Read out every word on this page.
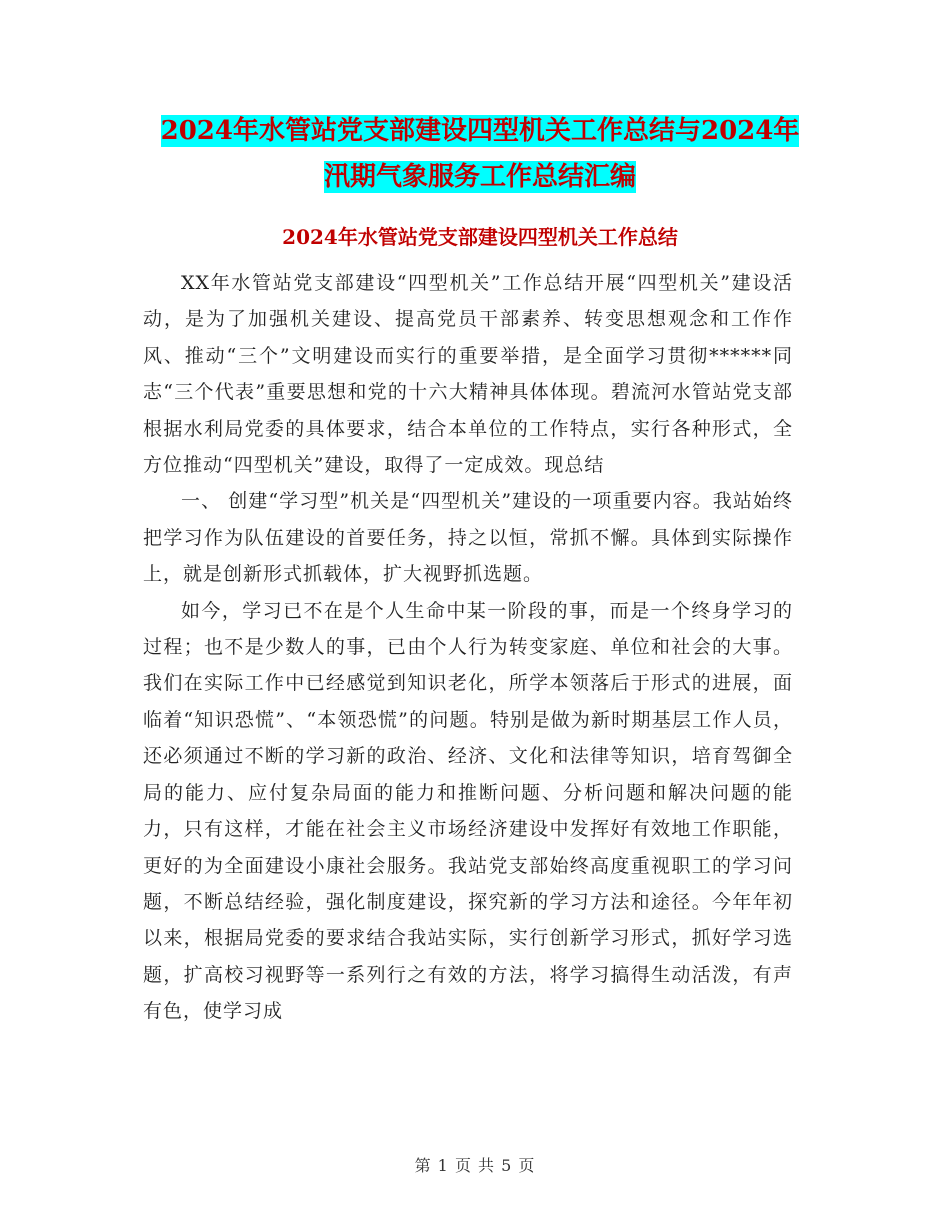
2024年水管站党支部建设四型机关工作总结与2024年
汛期气象服务工作总结汇编
2024年水管站党支部建设四型机关工作总结

XX年水管站党支部建设“四型机关”工作总结开展“四型机关”建设活动，是为了加强机关建设、提高党员干部素养、转变思想观念和工作作风、推动“三个”文明建设而实行的重要举措，是全面学习贯彻******同志“三个代表”重要思想和党的十六大精神具体体现。碧流河水管站党支部根据水利局党委的具体要求，结合本单位的工作特点，实行各种形式，全方位推动“四型机关”建设，取得了一定成效。现总结

一、 创建“学习型”机关是“四型机关”建设的一项重要内容。我站始终把学习作为队伍建设的首要任务，持之以恒，常抓不懈。具体到实际操作上，就是创新形式抓载体，扩大视野抓选题。

如今，学习已不在是个人生命中某一阶段的事，而是一个终身学习的过程；也不是少数人的事，已由个人行为转变家庭、单位和社会的大事。我们在实际工作中已经感觉到知识老化，所学本领落后于形式的进展，面临着“知识恐慌”、“本领恐慌”的问题。特别是做为新时期基层工作人员，还必须通过不断的学习新的政治、经济、文化和法律等知识，培育驾御全局的能力、应付复杂局面的能力和推断问题、分析问题和解决问题的能力，只有这样，才能在社会主义市场经济建设中发挥好有效地工作职能，更好的为全面建设小康社会服务。我站党支部始终高度重视职工的学习问题，不断总结经验，强化制度建设，探究新的学习方法和途径。今年年初以来，根据局党委的要求结合我站实际，实行创新学习形式，抓好学习选题，扩高校习视野等一系列行之有效的方法，将学习搞得生动活泼，有声有色，使学习成

第 1 页 共 5 页
